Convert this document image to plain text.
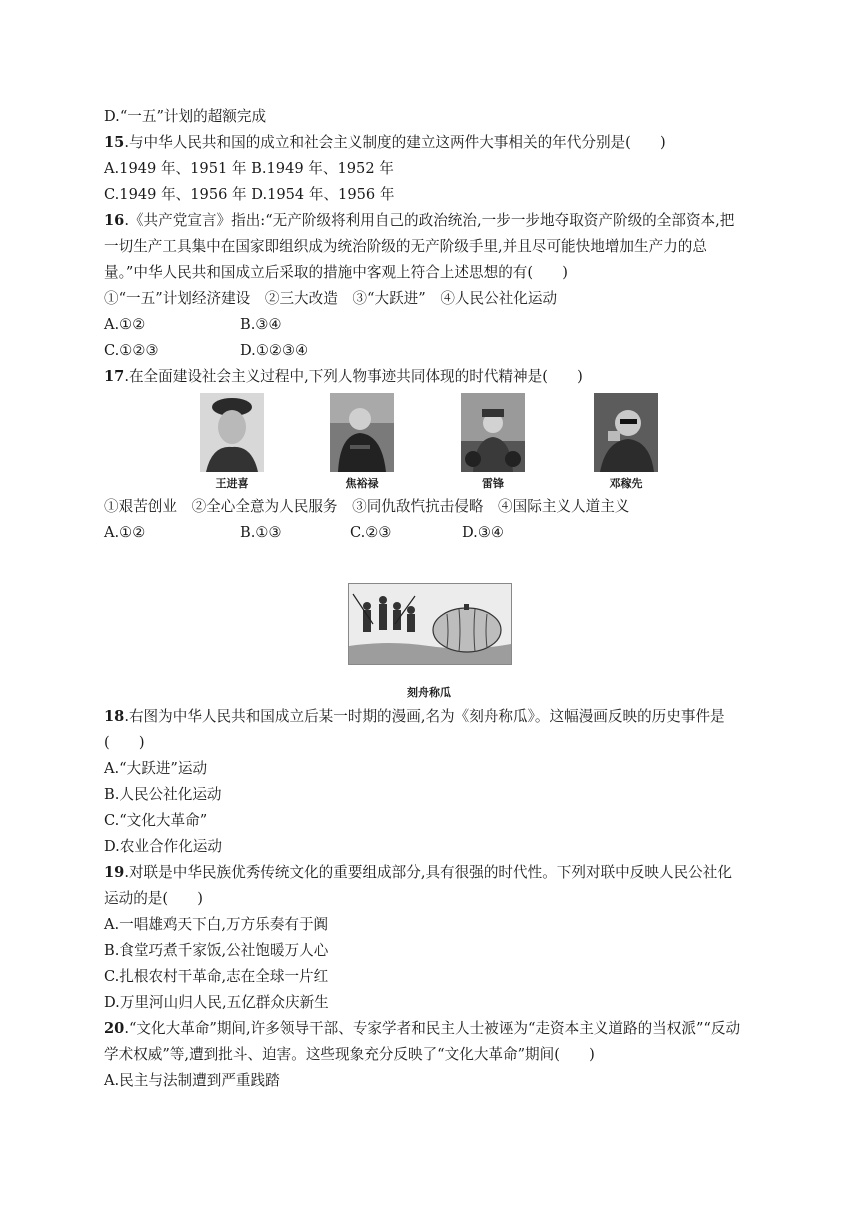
D.“一五”计划的超额完成
15.与中华人民共和国的成立和社会主义制度的建立这两件大事相关的年代分别是(　　)
A.1949 年、1951 年 B.1949 年、1952 年
C.1949 年、1956 年 D.1954 年、1956 年
16.《共产党宣言》指出:“无产阶级将利用自己的政治统治,一步一步地夺取资产阶级的全部资本,把
一切生产工具集中在国家即组织成为统治阶级的无产阶级手里,并且尽可能快地增加生产力的总
量。”中华人民共和国成立后采取的措施中客观上符合上述思想的有(　　)
①“一五”计划经济建设　②三大改造　③“大跃进”　④人民公社化运动
A.①②	B.③④
C.①②③	D.①②③④
17.在全面建设社会主义过程中,下列人物事迹共同体现的时代精神是(　　)
王进喜	焦裕禄	雷锋	邓稼先
①艰苦创业　②全心全意为人民服务　③同仇敌忾抗击侵略　④国际主义人道主义
A.①②	B.①③	C.②③	D.③④
刻舟称瓜
18.右图为中华人民共和国成立后某一时期的漫画,名为《刻舟称瓜》。这幅漫画反映的历史事件是
(　　)
A.“大跃进”运动
B.人民公社化运动
C.“文化大革命”
D.农业合作化运动
19.对联是中华民族优秀传统文化的重要组成部分,具有很强的时代性。下列对联中反映人民公社化
运动的是(　　)
A.一唱雄鸡天下白,万方乐奏有于阗
B.食堂巧煮千家饭,公社饱暖万人心
C.扎根农村干革命,志在全球一片红
D.万里河山归人民,五亿群众庆新生
20.“文化大革命”期间,许多领导干部、专家学者和民主人士被诬为“走资本主义道路的当权派”“反动
学术权威”等,遭到批斗、迫害。这些现象充分反映了“文化大革命”期间(　　)
A.民主与法制遭到严重践踏
